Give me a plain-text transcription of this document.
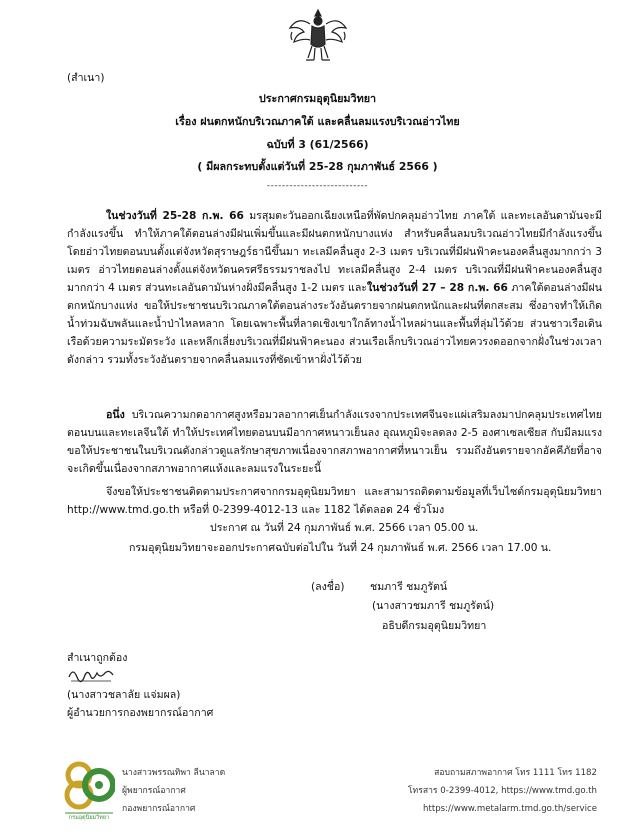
(สำเนา)
ประกาศกรมอุตุนิยมวิทยา
เรื่อง ฝนตกหนักบริเวณภาคใต้ และคลื่นลมแรงบริเวณอ่าวไทย
ฉบับที่ 3 (61/2566)
( มีผลกระทบตั้งแต่วันที่ 25-28 กุมภาพันธ์ 2566 )
---------------------------
ในช่วงวันที่ 25-28 ก.พ. 66 มรสุมตะวันออกเฉียงเหนือที่พัดปกคลุมอ่าวไทย ภาคใต้ และทะเลอันดามันจะมีกำลังแรงขึ้น ทำให้ภาคใต้ตอนล่างมีฝนเพิ่มขึ้นและมีฝนตกหนักบางแห่ง สำหรับคลื่นลมบริเวณอ่าวไทยมีกำลังแรงขึ้น โดยอ่าวไทยตอนบนตั้งแต่จังหวัดสุราษฎร์ธานีขึ้นมา ทะเลมีคลื่นสูง 2-3 เมตร บริเวณที่มีฝนฟ้าคะนองคลื่นสูงมากกว่า 3 เมตร อ่าวไทยตอนล่างตั้งแต่จังหวัดนครศรีธรรมราชลงไป ทะเลมีคลื่นสูง 2-4 เมตร บริเวณที่มีฝนฟ้าคะนองคลื่นสูงมากกว่า 4 เมตร ส่วนทะเลอันดามันห่างฝั่งมีคลื่นสูง 1-2 เมตร และในช่วงวันที่ 27 – 28 ก.พ. 66 ภาคใต้ตอนล่างมีฝนตกหนักบางแห่ง ขอให้ประชาชนบริเวณภาคใต้ตอนล่างระวังอันตรายจากฝนตกหนักและฝนที่ตกสะสม ซึ่งอาจทำให้เกิดน้ำท่วมฉับพลันและน้ำป่าไหลหลาก โดยเฉพาะพื้นที่ลาดเชิงเขาใกล้ทางน้ำไหลผ่านและพื้นที่ลุ่มไว้ด้วย ส่วนชาวเรือเดินเรือด้วยความระมัดระวัง และหลีกเลี่ยงบริเวณที่มีฝนฟ้าคะนอง ส่วนเรือเล็กบริเวณอ่าวไทยควรงดออกจากฝั่งในช่วงเวลาดังกล่าว รวมทั้งระวังอันตรายจากคลื่นลมแรงที่ซัดเข้าหาฝั่งไว้ด้วย
อนึ่ง บริเวณความกดอากาศสูงหรือมวลอากาศเย็นกำลังแรงจากประเทศจีนจะแผ่เสริมลงมาปกคลุมประเทศไทยตอนบนและทะเลจีนใต้ ทำให้ประเทศไทยตอนบนมีอากาศหนาวเย็นลง อุณหภูมิจะลดลง 2-5 องศาเซลเซียส กับมีลมแรง ขอให้ประชาชนในบริเวณดังกล่าวดูแลรักษาสุขภาพเนื่องจากสภาพอากาศที่หนาวเย็น รวมถึงอันตรายจากอัคคีภัยที่อาจจะเกิดขึ้นเนื่องจากสภาพอากาศแห้งและลมแรงในระยะนี้
จึงขอให้ประชาชนติดตามประกาศจากกรมอุตุนิยมวิทยา และสามารถติดตามข้อมูลที่เว็บไซต์กรมอุตุนิยมวิทยา http://www.tmd.go.th หรือที่ 0-2399-4012-13 และ 1182 ได้ตลอด 24 ชั่วโมง
ประกาศ ณ วันที่ 24 กุมภาพันธ์ พ.ศ. 2566 เวลา 05.00 น.
กรมอุตุนิยมวิทยาจะออกประกาศฉบับต่อไปใน วันที่ 24 กุมภาพันธ์ พ.ศ. 2566 เวลา 17.00 น.
(ลงชื่อ) ชมภารี ชมภูรัตน์
(นางสาวชมภารี ชมภูรัตน์)
อธิบดีกรมอุตุนิยมวิทยา
สำเนาถูกต้อง
(นางสาวชลาลัย แจ่มผล)
ผู้อำนวยการกองพยากรณ์อากาศ
กรมอุตุนิยมวิทยา
นางสาวพรรณทิพา ลีนาลาด
ผู้พยากรณ์อากาศ
กองพยากรณ์อากาศ
สอบถามสภาพอากาศ โทร 1111 โทร 1182
โทรสาร 0-2399-4012, https://www.tmd.go.th
https://www.metalarm.tmd.go.th/service
